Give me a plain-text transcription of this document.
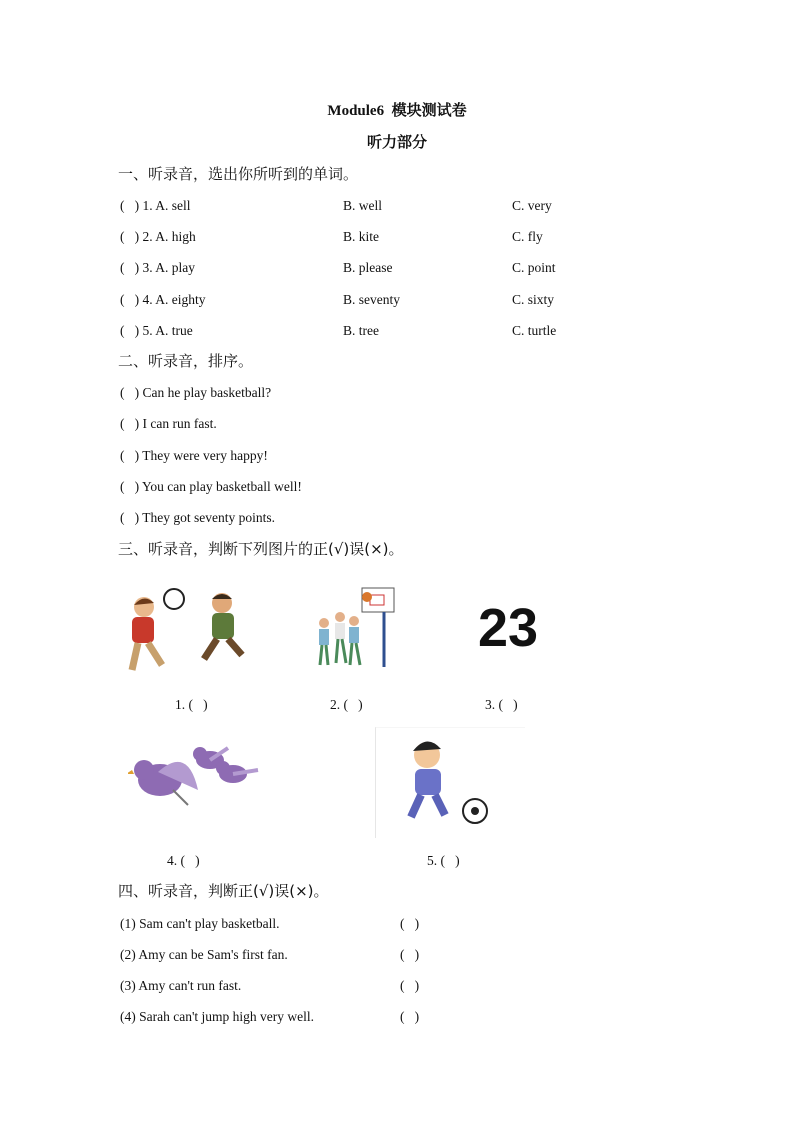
Module6  模块测试卷
听力部分
一、听录音，选出你所听到的单词。
(   ) 1. A. sell	B. well	C. very
(   ) 2. A. high	B. kite	C. fly
(   ) 3. A. play	B. please	C. point
(   ) 4. A. eighty	B. seventy	C. sixty
(   ) 5. A. true	B. tree	C. turtle
二、听录音，排序。
(   ) Can he play basketball?
(   ) I can run fast.
(   ) They were very happy!
(   ) You can play basketball well!
(   ) They got seventy points.
三、听录音，判断下列图片的正(√)误(×)。
23
1. (   )	2. (   )	3. (   )
4. (   )	5. (   )
四、听录音，判断正(√)误(×)。
(1) Sam can't play basketball.	(   )
(2) Amy can be Sam's first fan.	(   )
(3) Amy can't run fast.	(   )
(4) Sarah can't jump high very well.	(   )
